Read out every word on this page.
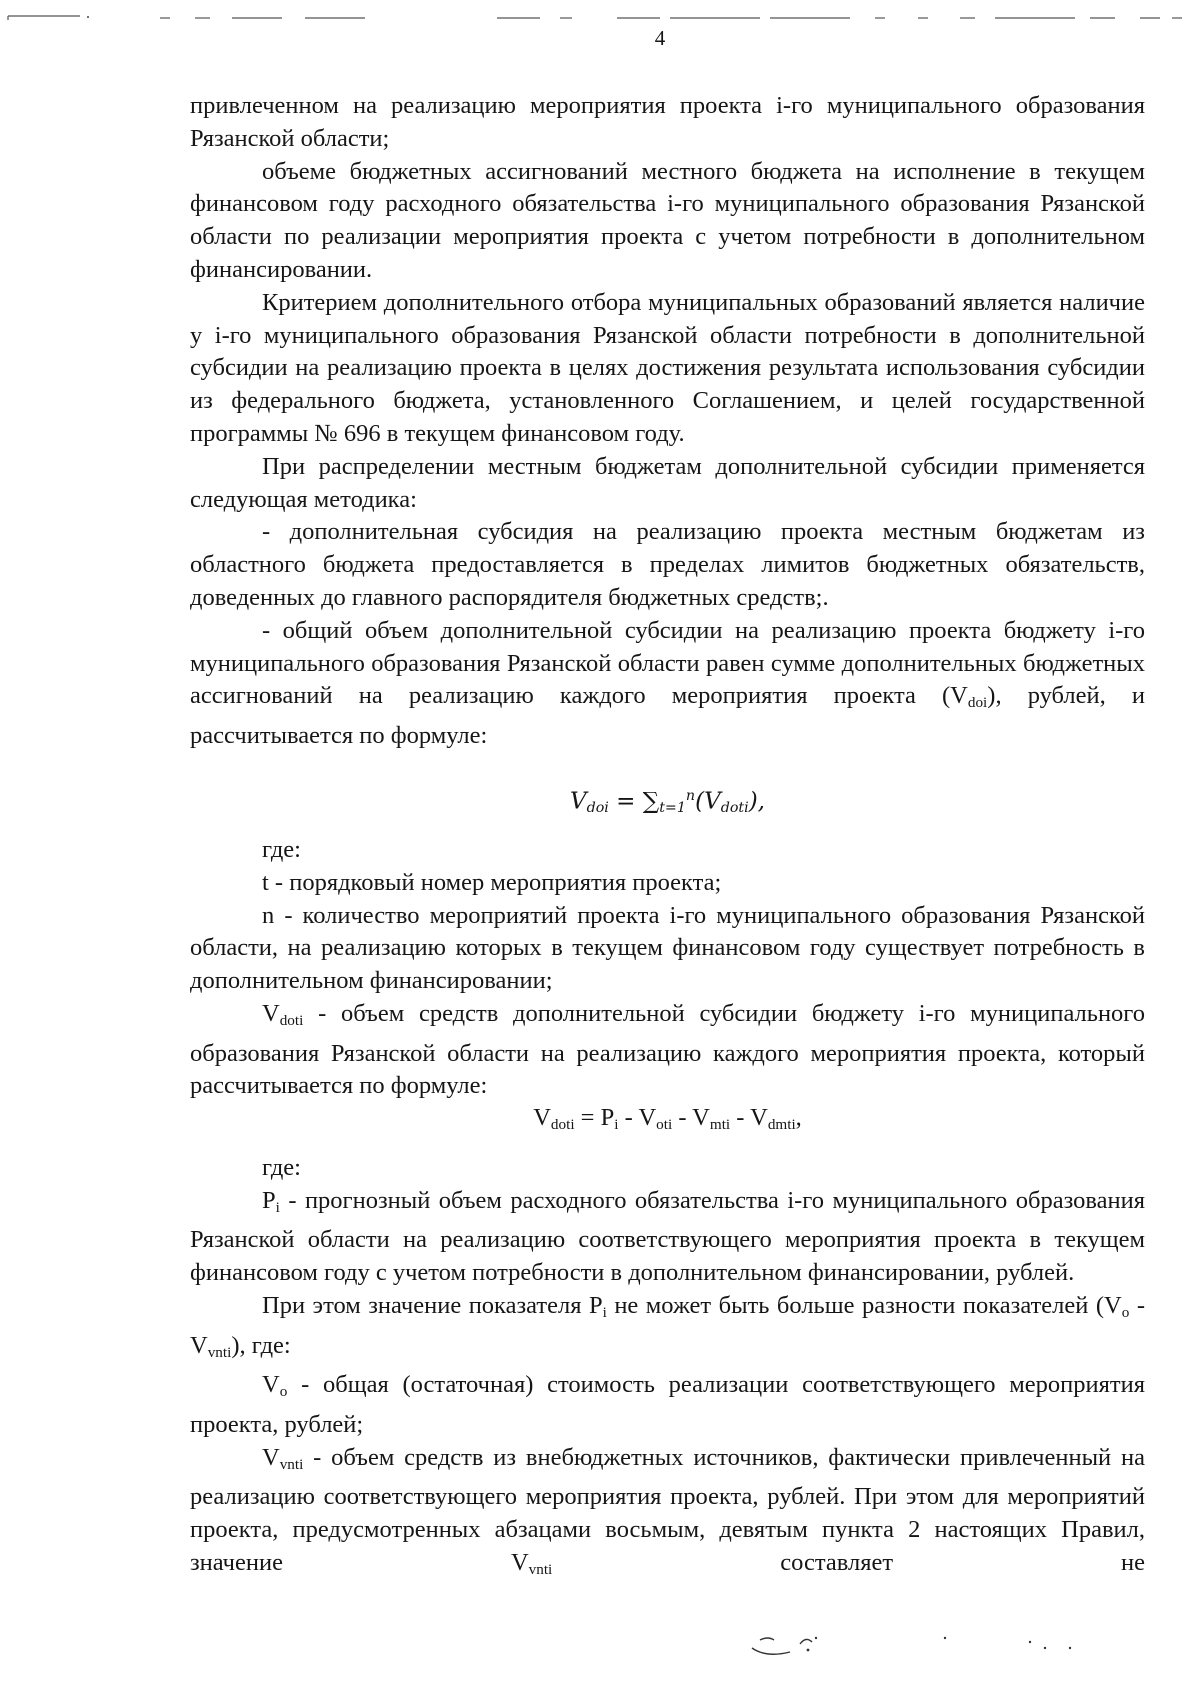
4

привлеченном на реализацию мероприятия проекта i-го муниципального образования Рязанской области;

объеме бюджетных ассигнований местного бюджета на исполнение в текущем финансовом году расходного обязательства i-го муниципального образования Рязанской области по реализации мероприятия проекта с учетом потребности в дополнительном финансировании.

Критерием дополнительного отбора муниципальных образований является наличие у i-го муниципального образования Рязанской области потребности в дополнительной субсидии на реализацию проекта в целях достижения результата использования субсидии из федерального бюджета, установленного Соглашением, и целей государственной программы № 696 в текущем финансовом году.

При распределении местным бюджетам дополнительной субсидии применяется следующая методика:

- дополнительная субсидия на реализацию проекта местным бюджетам из областного бюджета предоставляется в пределах лимитов бюджетных обязательств, доведенных до главного распорядителя бюджетных средств;.

- общий объем дополнительной субсидии на реализацию проекта бюджету i-го муниципального образования Рязанской области равен сумме дополнительных бюджетных ассигнований на реализацию каждого мероприятия проекта $(V_{doi})$, рублей, и рассчитывается по формуле:

$V_{doi} = \sum_{t=1}^n(V_{doti})$,

где:

t - порядковый номер мероприятия проекта;

n - количество мероприятий проекта i-го муниципального образования Рязанской области, на реализацию которых в текущем финансовом году существует потребность в дополнительном финансировании;

$V_{doti}$ - объем средств дополнительной субсидии бюджету i-го муниципального образования Рязанской области на реализацию каждого мероприятия проекта, который рассчитывается по формуле:

$V_{doti} = P_i - V_{oti} - V_{mti} - V_{dmti}$,

где:

$P_i$ - прогнозный объем расходного обязательства i-го муниципального образования Рязанской области на реализацию соответствующего мероприятия проекта в текущем финансовом году с учетом потребности в дополнительном финансировании, рублей.

При этом значение показателя $P_i$ не может быть больше разности показателей $(V_o - V_{vnti})$, где:

$V_o$ - общая (остаточная) стоимость реализации соответствующего мероприятия проекта, рублей;

$V_{vnti}$ - объем средств из внебюджетных источников, фактически привлеченный на реализацию соответствующего мероприятия проекта, рублей. При этом для мероприятий проекта, предусмотренных абзацами восьмым, девятым пункта 2 настоящих Правил, значение $V_{vnti}$ составляет не
